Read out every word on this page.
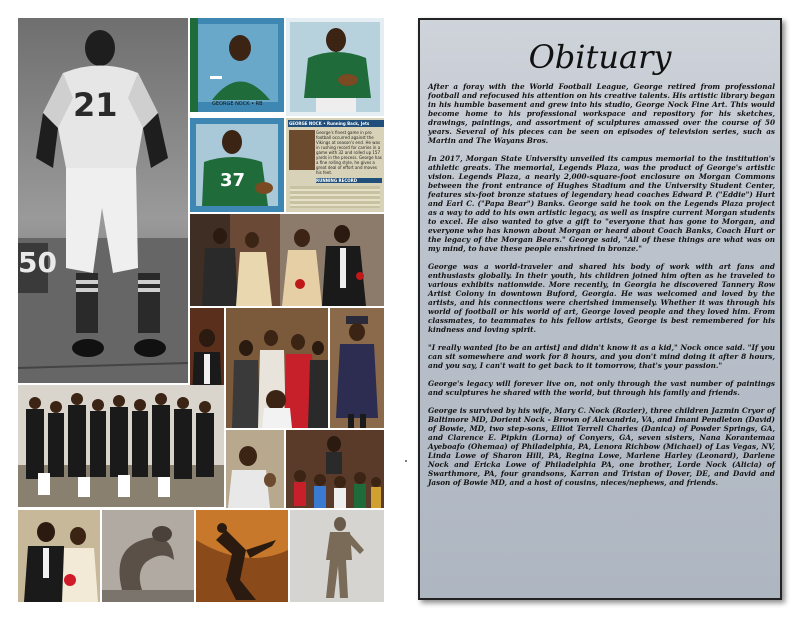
21
50
GEORGE NOCK • RB
37
GEORGE NOCK • Running Back, Jets
George's finest game in pro football occurred against the Vikings at season's end. He was in rushing record for carries in a game with 32 and rolled up 157 yards in the process. George has a fine rolling style, he gives a great deal of effort and moves his feet.
RUNNING RECORD
Obituary

After a foray with the World Football League, George retired from professional football and refocused his attention on his creative talents. His artistic library began in his humble basement and grew into his studio, George Nock Fine Art. This would become home to his professional workspace and repository for his sketches, drawings, paintings, and assortment of sculptures amassed over the course of 50 years. Several of his pieces can be seen on episodes of television series, such as Martin and The Wayans Bros.

In 2017, Morgan State University unveiled its campus memorial to the institution's athletic greats. The memorial, Legends Plaza, was the product of George's artistic vision. Legends Plaza, a nearly 2,000-square-foot enclosure on Morgan Commons between the front entrance of Hughes Stadium and the University Student Center, features six-foot bronze statues of legendary head coaches Edward P. ("Eddie") Hurt and Earl C. ("Papa Bear") Banks. George said he took on the Legends Plaza project as a way to add to his own artistic legacy, as well as inspire current Morgan students to excel. He also wanted to give a gift to "everyone that has gone to Morgan, and everyone who has known about Morgan or heard about Coach Banks, Coach Hurt or the legacy of the Morgan Bears." George said, "All of these things are what was on my mind, to have these people enshrined in bronze."

George was a world-traveler and shared his body of work with art fans and enthusiasts globally. In their youth, his children joined him often as he traveled to various exhibits nationwide. More recently, in Georgia he discovered Tannery Row Artist Colony in downtown Buford, Georgia. He was welcomed and loved by the artists, and his connections were cherished immensely. Whether it was through his world of football or his world of art, George loved people and they loved him. From classmates, to teammates to his fellow artists, George is best remembered for his kindness and loving spirit.

"I really wanted [to be an artist] and didn't know it as a kid," Nock once said. "If you can sit somewhere and work for 8 hours, and you don't mind doing it after 8 hours, and you say, I can't wait to get back to it tomorrow, that's your passion."

George's legacy will forever live on, not only through the vast number of paintings and sculptures he shared with the world, but through his family and friends.

George is survived by his wife, Mary C. Nock (Rozier), three children Jazmin Cryor of Baltimore MD, Dorient Nock - Brown of Alexandria, VA, and Imani Pendleton (David) of Bowie, MD, two step-sons, Elliot Terrell Charles (Danica) of Powder Springs, GA, and Clarence E. Pipkin (Lorna) of Conyers, GA, seven sisters, Nana Korantemaa Ayeboafo (Ohemaa) of Philadelphia, PA, Lenora Richbow (Michael) of Las Vegas, NV, Linda Lowe of Sharon Hill, PA, Regina Lowe, Marlene Harley (Leonard), Darlene Nock and Ericka Lowe of Philadelphia PA, one brother, Lorde Nock (Alicia) of Swarthmore, PA, four grandsons, Karran and Tristan of Dover, DE, and David and Jason of Bowie MD, and a host of cousins, nieces/nephews, and friends.
